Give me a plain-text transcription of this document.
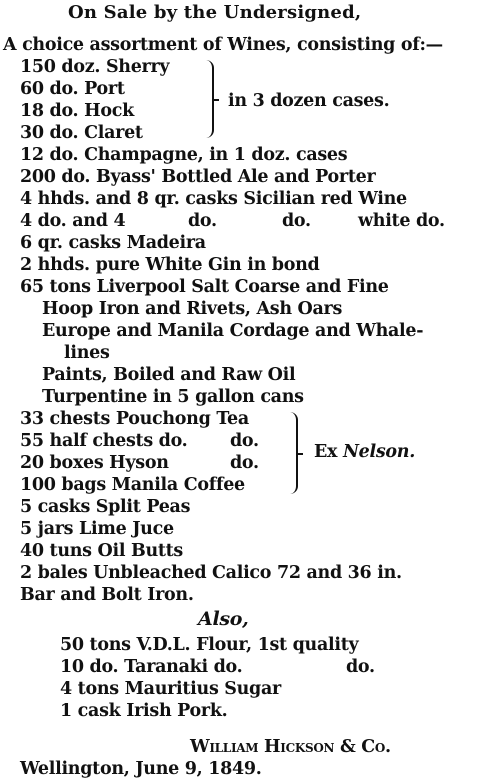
On Sale by the Undersigned,
A choice assortment of Wines, consisting of:—
150 doz. Sherry
60 do. Port
18 do. Hock
30 do. Claret
in 3 dozen cases.
12 do. Champagne, in 1 doz. cases
200 do. Byass' Bottled Ale and Porter
4 hhds. and 8 qr. casks Sicilian red Wine
4 do. and 4	do.	do.	white do.
6 qr. casks Madeira
2 hhds. pure White Gin in bond
65 tons Liverpool Salt Coarse and Fine
Hoop Iron and Rivets, Ash Oars
Europe and Manila Cordage and Whale-
lines
Paints, Boiled and Raw Oil
Turpentine in 5 gallon cans
33 chests Pouchong Tea
55 half chests do. do.
20 boxes Hyson	do.
100 bags Manila Coffee
Ex Nelson.
5 casks Split Peas
5 jars Lime Juce
40 tuns Oil Butts
2 bales Unbleached Calico 72 and 36 in.
Bar and Bolt Iron.
Also,
50 tons V.D.L. Flour, 1st quality
10 do. Taranaki do.	do.
4 tons Mauritius Sugar
1 cask Irish Pork.
William Hickson & Co.
Wellington, June 9, 1849.
